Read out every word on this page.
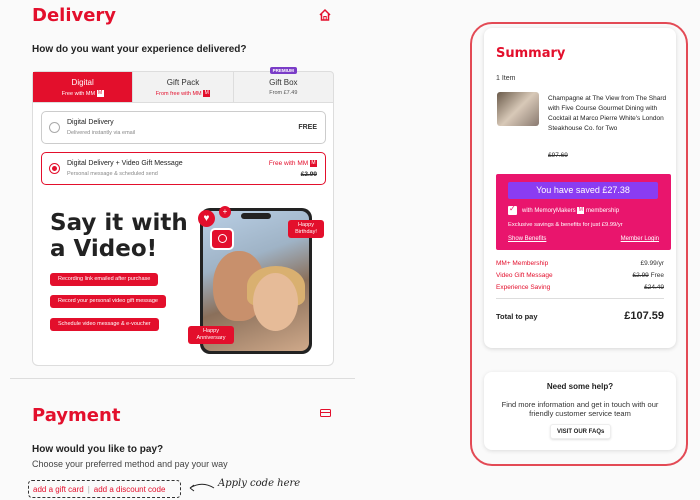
Delivery
How do you want your experience delivered?
Digital
Free with MM M
Gift Pack
From free with MM M
PREMIUM
Gift Box
From £7.49
Digital Delivery
Delivered instantly via email
FREE
Digital Delivery + Video Gift Message
Personal message & scheduled send
Free with MM M
£2.99
Say it with
a Video!
Recording link emailed after purchase
Record your personal video gift message
Schedule video message & e-voucher
♥
+
Happy Birthday!
Happy Anniversary
Payment
How would you like to pay?
Choose your preferred method and pay your way
add a gift card | add a discount code	Apply code here
Summary
1 Item
Champagne at The View from The Shard with Five Course Gourmet Dining with Cocktail at Marco Pierre White's London Steakhouse Co. for Two
£97.69
You have saved £27.38
✓
with MemoryMakers M membership
Exclusive savings & benefits for just £9.99/yr
Show Benefits	Member Login
MM+ Membership	£9.99/yr
Video Gift Message	£2.99 Free
Experience Saving	£24.49
Total to pay	£107.59
Need some help?
Find more information and get in touch with our friendly customer service team
VISIT OUR FAQs
